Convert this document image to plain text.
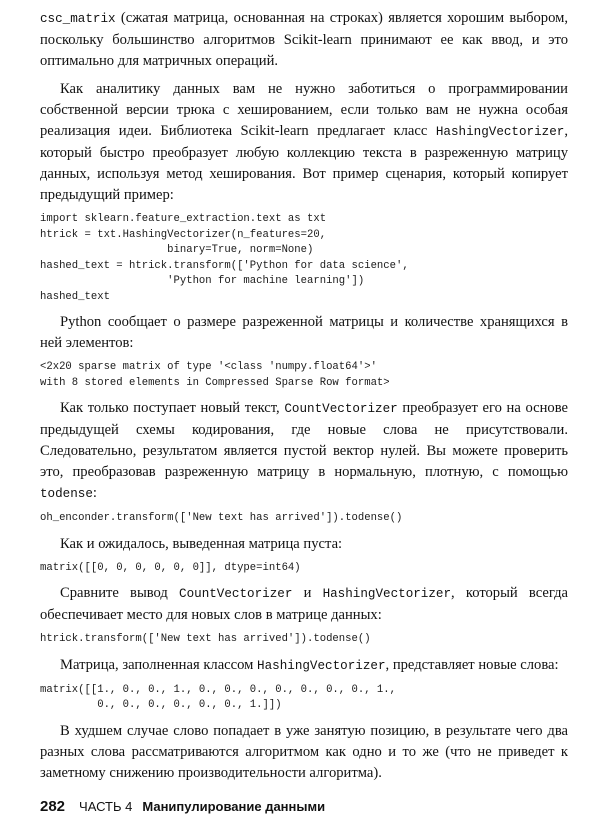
csc_matrix (сжатая матрица, основанная на строках) является хорошим выбором, поскольку большинство алгоритмов Scikit-learn принимают ее как ввод, и это оптимально для матричных операций.

Как аналитику данных вам не нужно заботиться о программировании собственной версии трюка с хешированием, если только вам не нужна особая реализация идеи. Библиотека Scikit-learn предлагает класс HashingVectorizer, который быстро преобразует любую коллекцию текста в разреженную матрицу данных, используя метод хеширования. Вот пример сценария, который копирует предыдущий пример:

import sklearn.feature_extraction.text as txt
htrick = txt.HashingVectorizer(n_features=20,
binary=True, norm=None)
hashed_text = htrick.transform(['Python for data science',
'Python for machine learning'])
hashed_text

Python сообщает о размере разреженной матрицы и количестве хранящихся в ней элементов:

<2x20 sparse matrix of type '<class 'numpy.float64'>'
with 8 stored elements in Compressed Sparse Row format>

Как только поступает новый текст, CountVectorizer преобразует его на основе предыдущей схемы кодирования, где новые слова не присутствовали. Следовательно, результатом является пустой вектор нулей. Вы можете проверить это, преобразовав разреженную матрицу в нормальную, плотную, с помощью todense:

oh_enconder.transform(['New text has arrived']).todense()

Как и ожидалось, выведенная матрица пуста:

matrix([[0, 0, 0, 0, 0, 0]], dtype=int64)

Сравните вывод CountVectorizer и HashingVectorizer, который всегда обеспечивает место для новых слов в матрице данных:

htrick.transform(['New text has arrived']).todense()

Матрица, заполненная классом HashingVectorizer, представляет новые слова:

matrix([[1., 0., 0., 1., 0., 0., 0., 0., 0., 0., 0., 1.,
0., 0., 0., 0., 0., 0., 1.]])

В худшем случае слово попадает в уже занятую позицию, в результате чего два разных слова рассматриваются алгоритмом как одно и то же (что не приведет к заметному снижению производительности алгоритма).

282 ЧАСТЬ 4 Манипулирование данными
